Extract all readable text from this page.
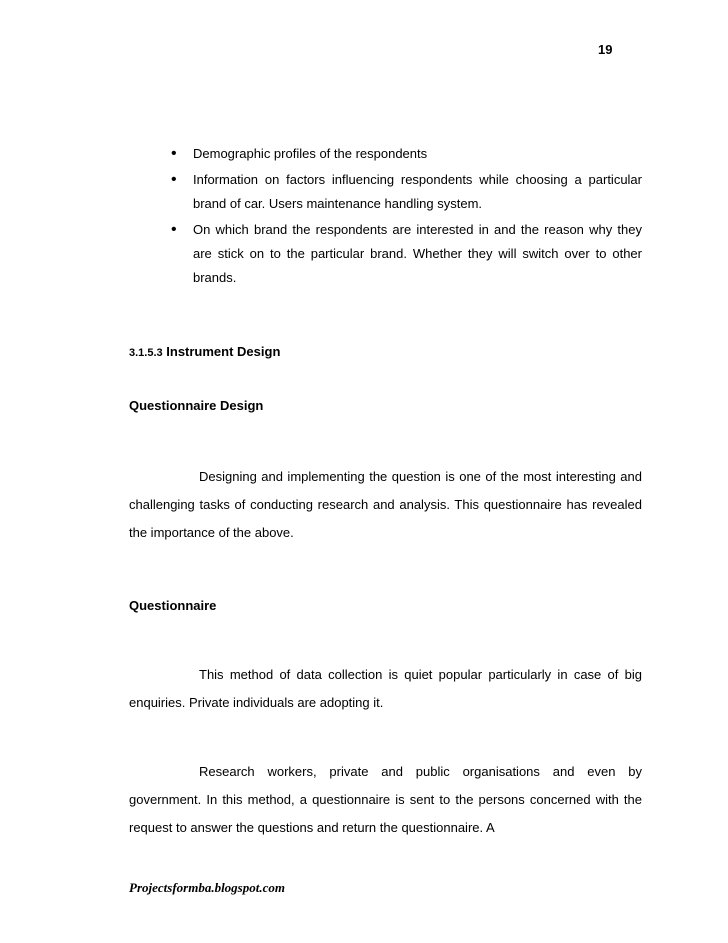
19
• Demographic profiles of the respondents
• Information on factors influencing respondents while choosing a particular brand of car. Users maintenance handling system.
• On which brand the respondents are interested in and the reason why they are stick on to the particular brand. Whether they will switch over to other brands.
3.1.5.3 Instrument Design
Questionnaire Design

Designing and implementing the question is one of the most interesting and challenging tasks of conducting research and analysis. This questionnaire has revealed the importance of the above.

Questionnaire

This method of data collection is quiet popular particularly in case of big enquiries. Private individuals are adopting it.

Research workers, private and public organisations and even by government. In this method, a questionnaire is sent to the persons concerned with the request to answer the questions and return the questionnaire. A

Projectsformba.blogspot.com
